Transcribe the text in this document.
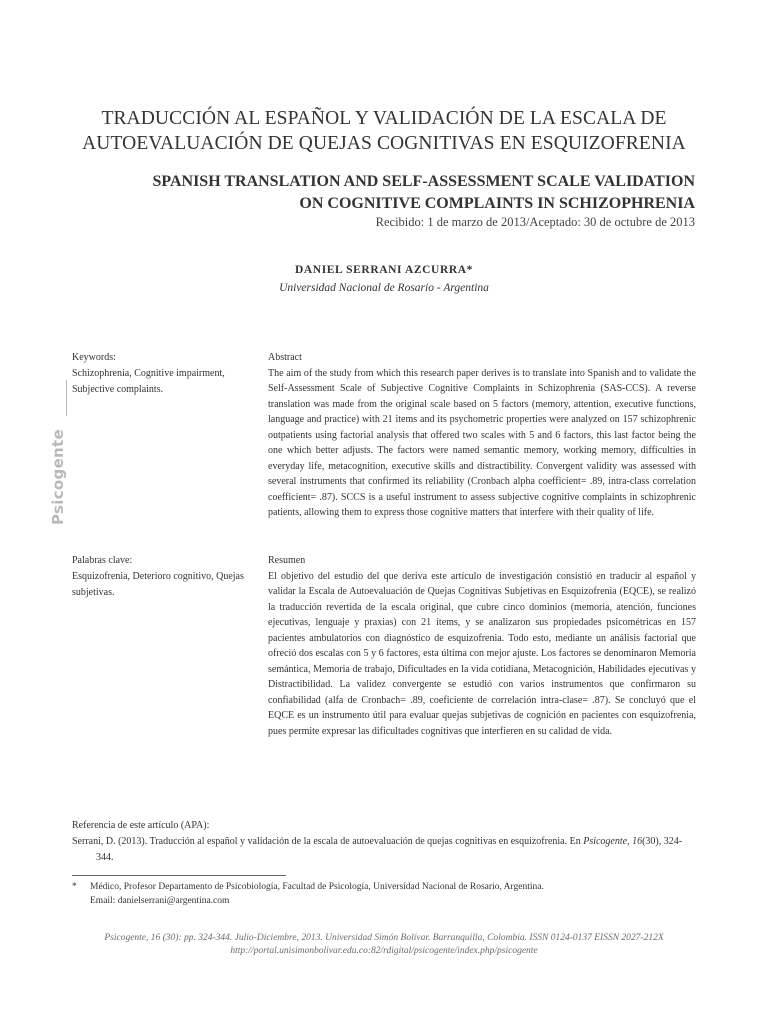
TRADUCCIÓN AL ESPAÑOL Y VALIDACIÓN DE LA ESCALA DE
AUTOEVALUACIÓN DE QUEJAS COGNITIVAS EN ESQUIZOFRENIA
SPANISH TRANSLATION AND SELF-ASSESSMENT SCALE VALIDATION
ON COGNITIVE COMPLAINTS IN SCHIZOPHRENIA
Recibido: 1 de marzo de 2013/Aceptado: 30 de octubre de 2013
DANIEL SERRANI AZCURRA*
Universidad Nacional de Rosario - Argentina
Psicogente
Keywords:
Schizophrenia, Cognitive impairment, Subjective complaints.
Abstract
The aim of the study from which this research paper derives is to translate into Spanish and to validate the Self-Assessment Scale of Subjective Cognitive Complaints in Schizophrenia (SAS-CCS). A reverse translation was made from the original scale based on 5 factors (memory, attention, executive functions, language and practice) with 21 items and its psychometric properties were analyzed on 157 schizophrenic outpatients using factorial analysis that offered two scales with 5 and 6 factors, this last factor being the one which better adjusts. The factors were named semantic memory, working memory, difficulties in everyday life, metacognition, executive skills and distractibility. Convergent validity was assessed with several instruments that confirmed its reliability (Cronbach alpha coefficient= .89, intra-class correlation coefficient= .87). SCCS is a useful instrument to assess subjective cognitive complaints in schizophrenic patients, allowing them to express those cognitive matters that interfere with their quality of life.
Palabras clave:
Esquizofrenia, Deterioro cognitivo, Quejas subjetivas.
Resumen
El objetivo del estudio del que deriva este artículo de investigación consistió en traducir al español y validar la Escala de Autoevaluación de Quejas Cognitivas Subjetivas en Esquizofrenia (EQCE), se realizó la traducción revertida de la escala original, que cubre cinco dominios (memoria, atención, funciones ejecutivas, lenguaje y praxias) con 21 ítems, y se analizaron sus propiedades psicométricas en 157 pacientes ambulatorios con diagnóstico de esquizofrenia. Todo esto, mediante un análisis factorial que ofreció dos escalas con 5 y 6 factores, esta última con mejor ajuste. Los factores se denominaron Memoria semántica, Memoria de trabajo, Dificultades en la vida cotidiana, Metacognición, Habilidades ejecutivas y Distractibilidad. La validez convergente se estudió con varios instrumentos que confirmaron su confiabilidad (alfa de Cronbach= .89, coeficiente de correlación intra-clase= .87). Se concluyó que el EQCE es un instrumento útil para evaluar quejas subjetivas de cognición en pacientes con esquizofrenia, pues permite expresar las dificultades cognitivas que interfieren en su calidad de vida.
Referencia de este artículo (APA):
Serrani, D. (2013). Traducción al español y validación de la escala de autoevaluación de quejas cognitivas en esquizofrenia. En Psicogente, 16(30), 324-344.
*	Médico, Profesor Departamento de Psicobiología, Facultad de Psicología, Universidad Nacional de Rosario, Argentina.
Email: danielserrani@argentina.com
Psicogente, 16 (30): pp. 324-344. Julio-Diciembre, 2013. Universidad Simón Bolívar. Barranquilla, Colombia. ISSN 0124-0137 EISSN 2027-212X
http://portal.unisimonbolivar.edu.co:82/rdigital/psicogente/index.php/psicogente
